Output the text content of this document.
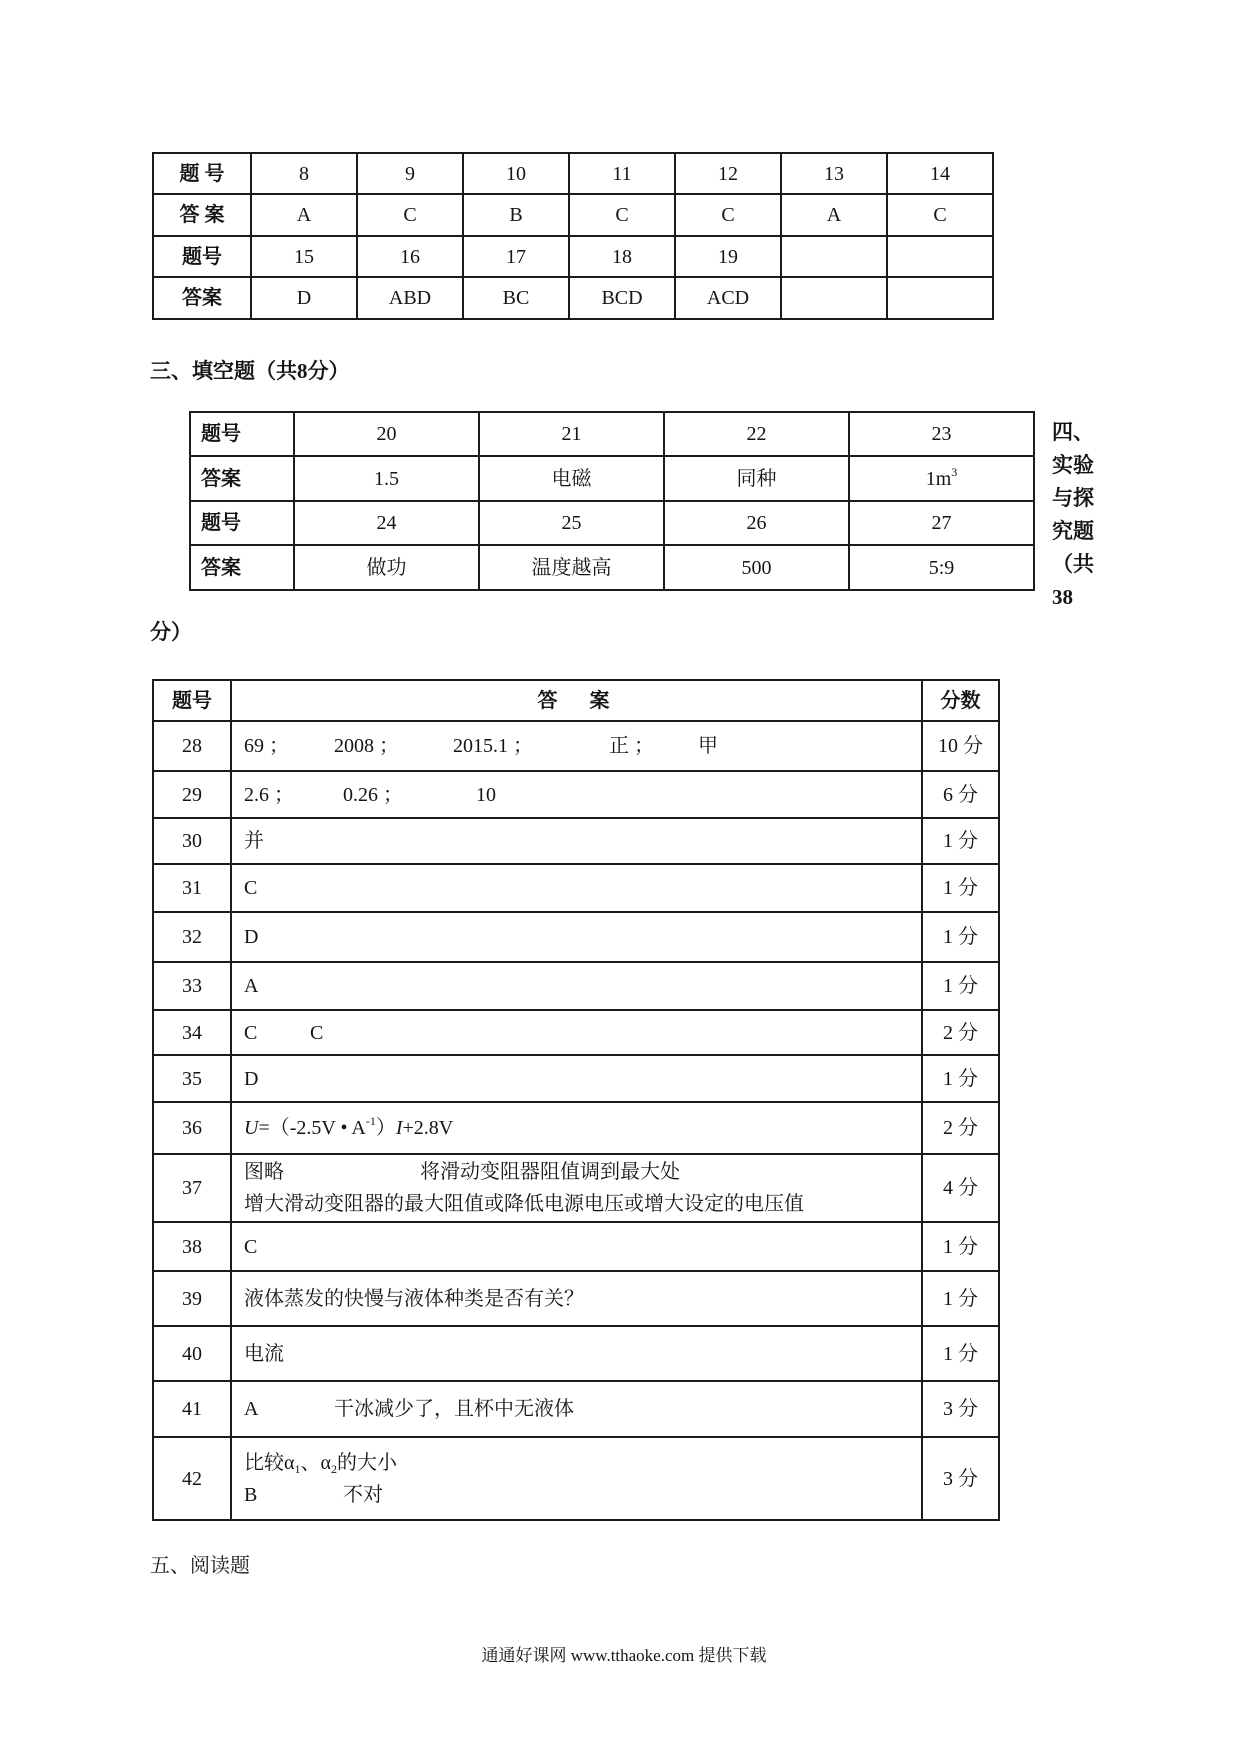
题 号	8	9	10	11	12	13	14
答 案	A	C	B	C	C	A	C
题号	15	16	17	18	19		
答案	D	ABD	BC	BCD	ACD		
三、填空题（共8分）
题号	20	21	22	23
答案	1.5	电磁	同种	$1m^3$
题号	24	25	26	27
答案	做功	温度越高	500	5:9
四、
实验
与探
究题
（共
38
分）
题号	答　案	分数
28	69 ； 2008 ； 2015.1 ； 正 ； 甲	10 分
29	2.6 ； 0.26 ； 10	6 分
30	并	1 分
31	C	1 分
32	D	1 分
33	A	1 分
34	C C	2 分
35	D	1 分
36	U=（-2.5V • $A^{-1})I+2.8V$	2 分
37	图略 将滑动变阻器阻值调到最大处
增大滑动变阻器的最大阻值或降低电源电压或增大设定的电压值	4 分
38	C	1 分
39	液体蒸发的快慢与液体种类是否有关？	1 分
40	电流	1 分
41	A 干冰减少了，且杯中无液体	3 分
42	比较$\alpha_1$、$\alpha_2$的大小
B 不对	3 分
五、阅读题
通通好课网 www.tthaoke.com 提供下载
